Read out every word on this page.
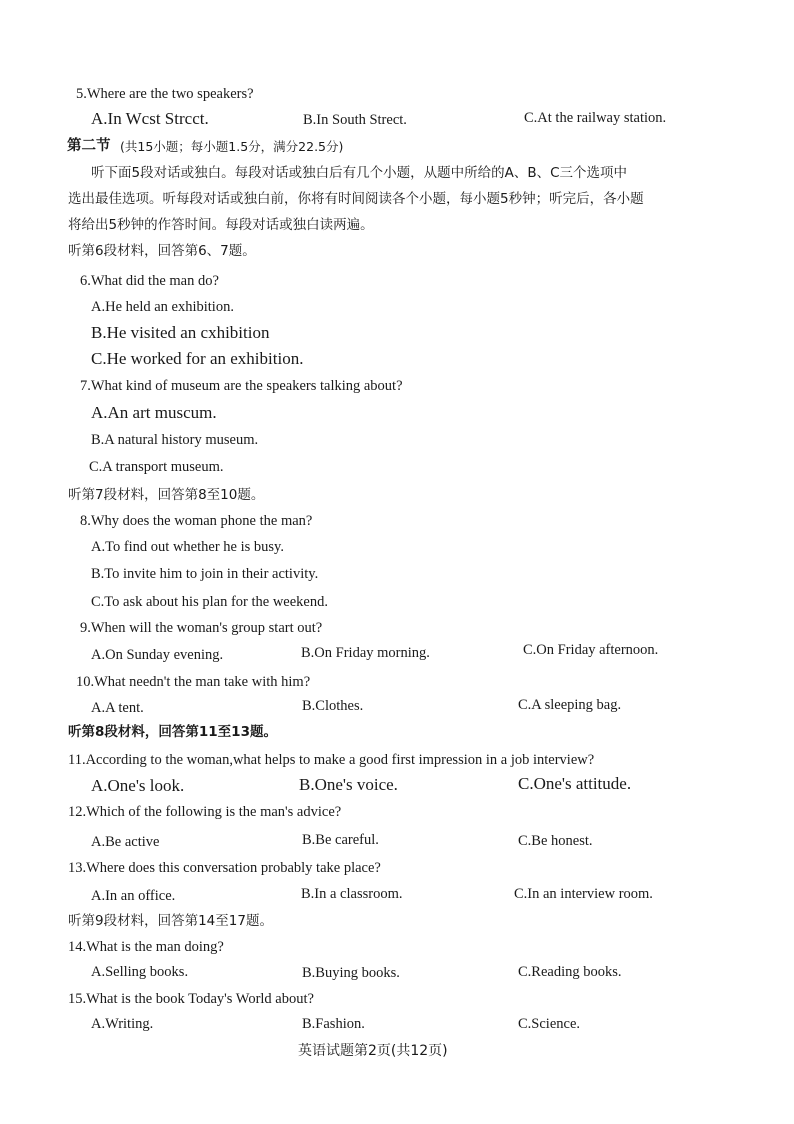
5.Where are the two speakers?
A.In Wcst Strcct.	B.In South Strect.	C.At the railway station.
第二节 (共15小题；每小题1.5分，满分22.5分)
听下面5段对话或独白。每段对话或独白后有几个小题，从题中所给的A、B、C三个选项中
选出最佳选项。听每段对话或独白前，你将有时间阅读各个小题，每小题5秒钟；听完后，各小题
将给出5秒钟的作答时间。每段对话或独白读两遍。
听第6段材料，回答第6、7题。
6.What did the man do?
A.He held an exhibition.
B.He visited an cxhibition
C.He worked for an exhibition.
7.What kind of museum are the speakers talking about?
A.An art muscum.
B.A natural history museum.
C.A transport museum.
听第7段材料，回答第8至10题。
8.Why does the woman phone the man?
A.To find out whether he is busy.
B.To invite him to join in their activity.
C.To ask about his plan for the weekend.
9.When will the woman's group start out?
A.On Sunday evening.	B.On Friday morning.	C.On Friday afternoon.
10.What needn't the man take with him?
A.A tent.	B.Clothes.	C.A sleeping bag.
听第8段材料，回答第11至13题。
11.According to the woman,what helps to make a good first impression in a job interview?
A.One's look.	B.One's voice.	C.One's attitude.
12.Which of the following is the man's advice?
A.Be active	B.Be careful.	C.Be honest.
13.Where does this conversation probably take place?
A.In an office.	B.In a classroom.	C.In an interview room.
听第9段材料，回答第14至17题。
14.What is the man doing?
A.Selling books.	B.Buying books.	C.Reading books.
15.What is the book Today's World about?
A.Writing.	B.Fashion.	C.Science.
英语试题第2页(共12页)
